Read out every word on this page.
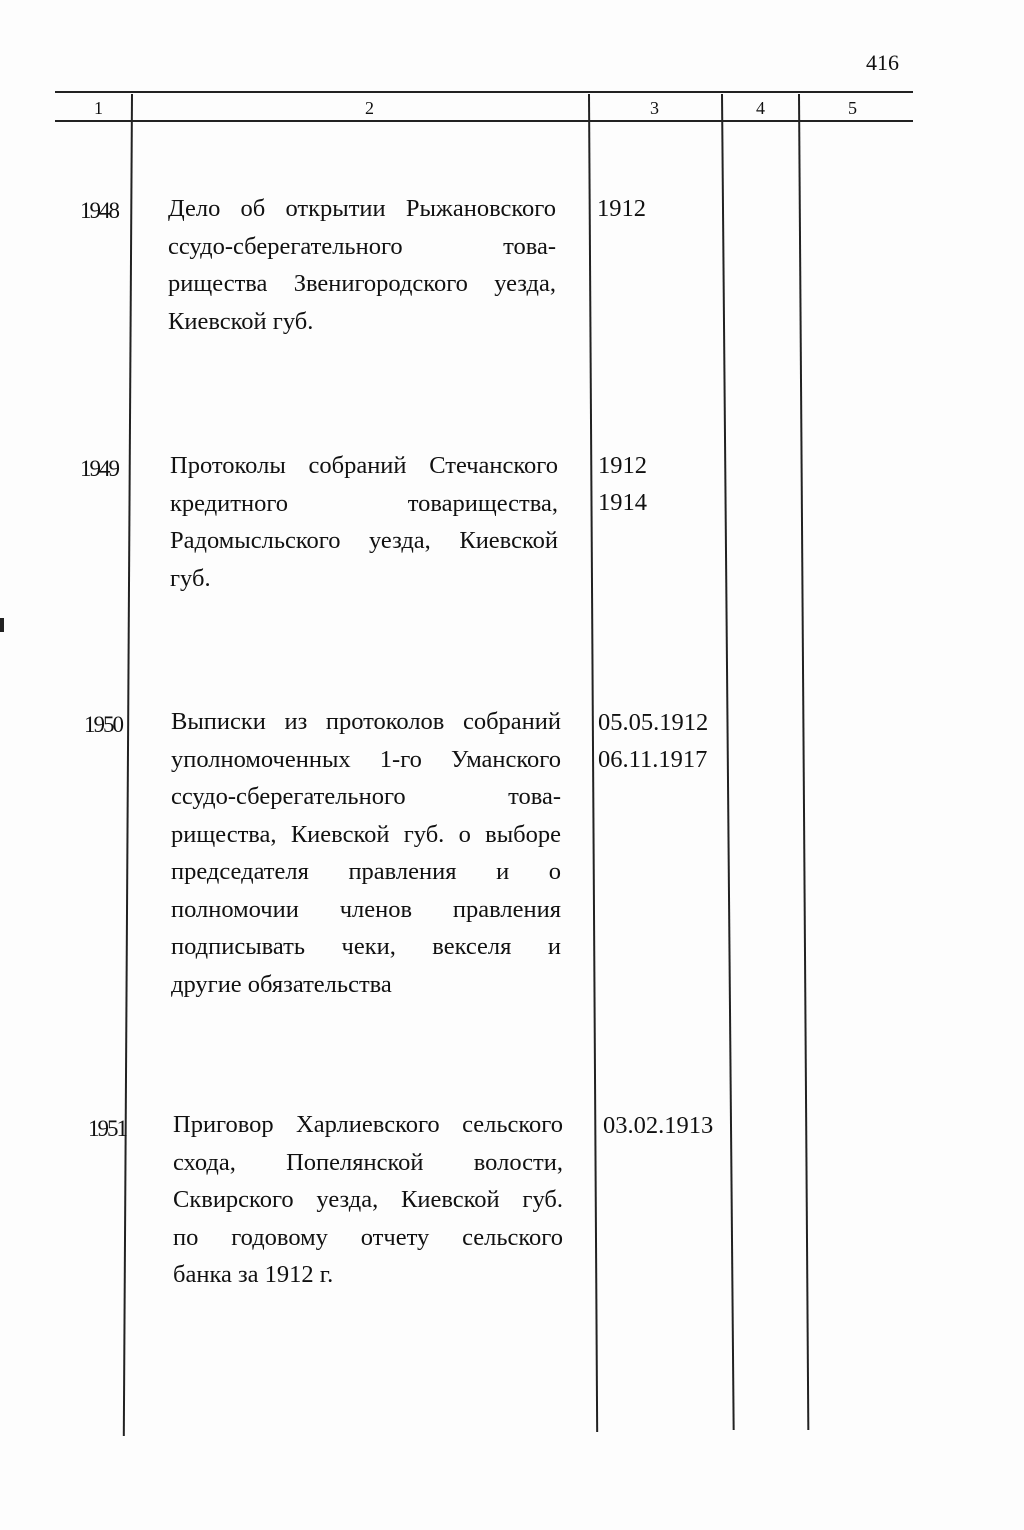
416
1	2	3	4	5
1948 Дело об открытии Рыжановского
ссудо-сберегательного това-
рищества Звенигородского уезда,
Киевской губ.
1912
1949 Протоколы собраний Стечанского
кредитного товарищества,
Радомысльского уезда, Киевской
губ.
1912
1914
1950 Выписки из протоколов собраний
уполномоченных 1-го Уманского
ссудо-сберегательного това-
рищества, Киевской губ. о выборе
председателя правления и о
полномочии членов правления
подписывать чеки, векселя и
другие обязательства
05.05.1912
06.11.1917
1951 Приговор Харлиевского сельского
схода, Попелянской волости,
Сквирского уезда, Киевской губ.
по годовому отчету сельского
банка за 1912 г.
03.02.1913
